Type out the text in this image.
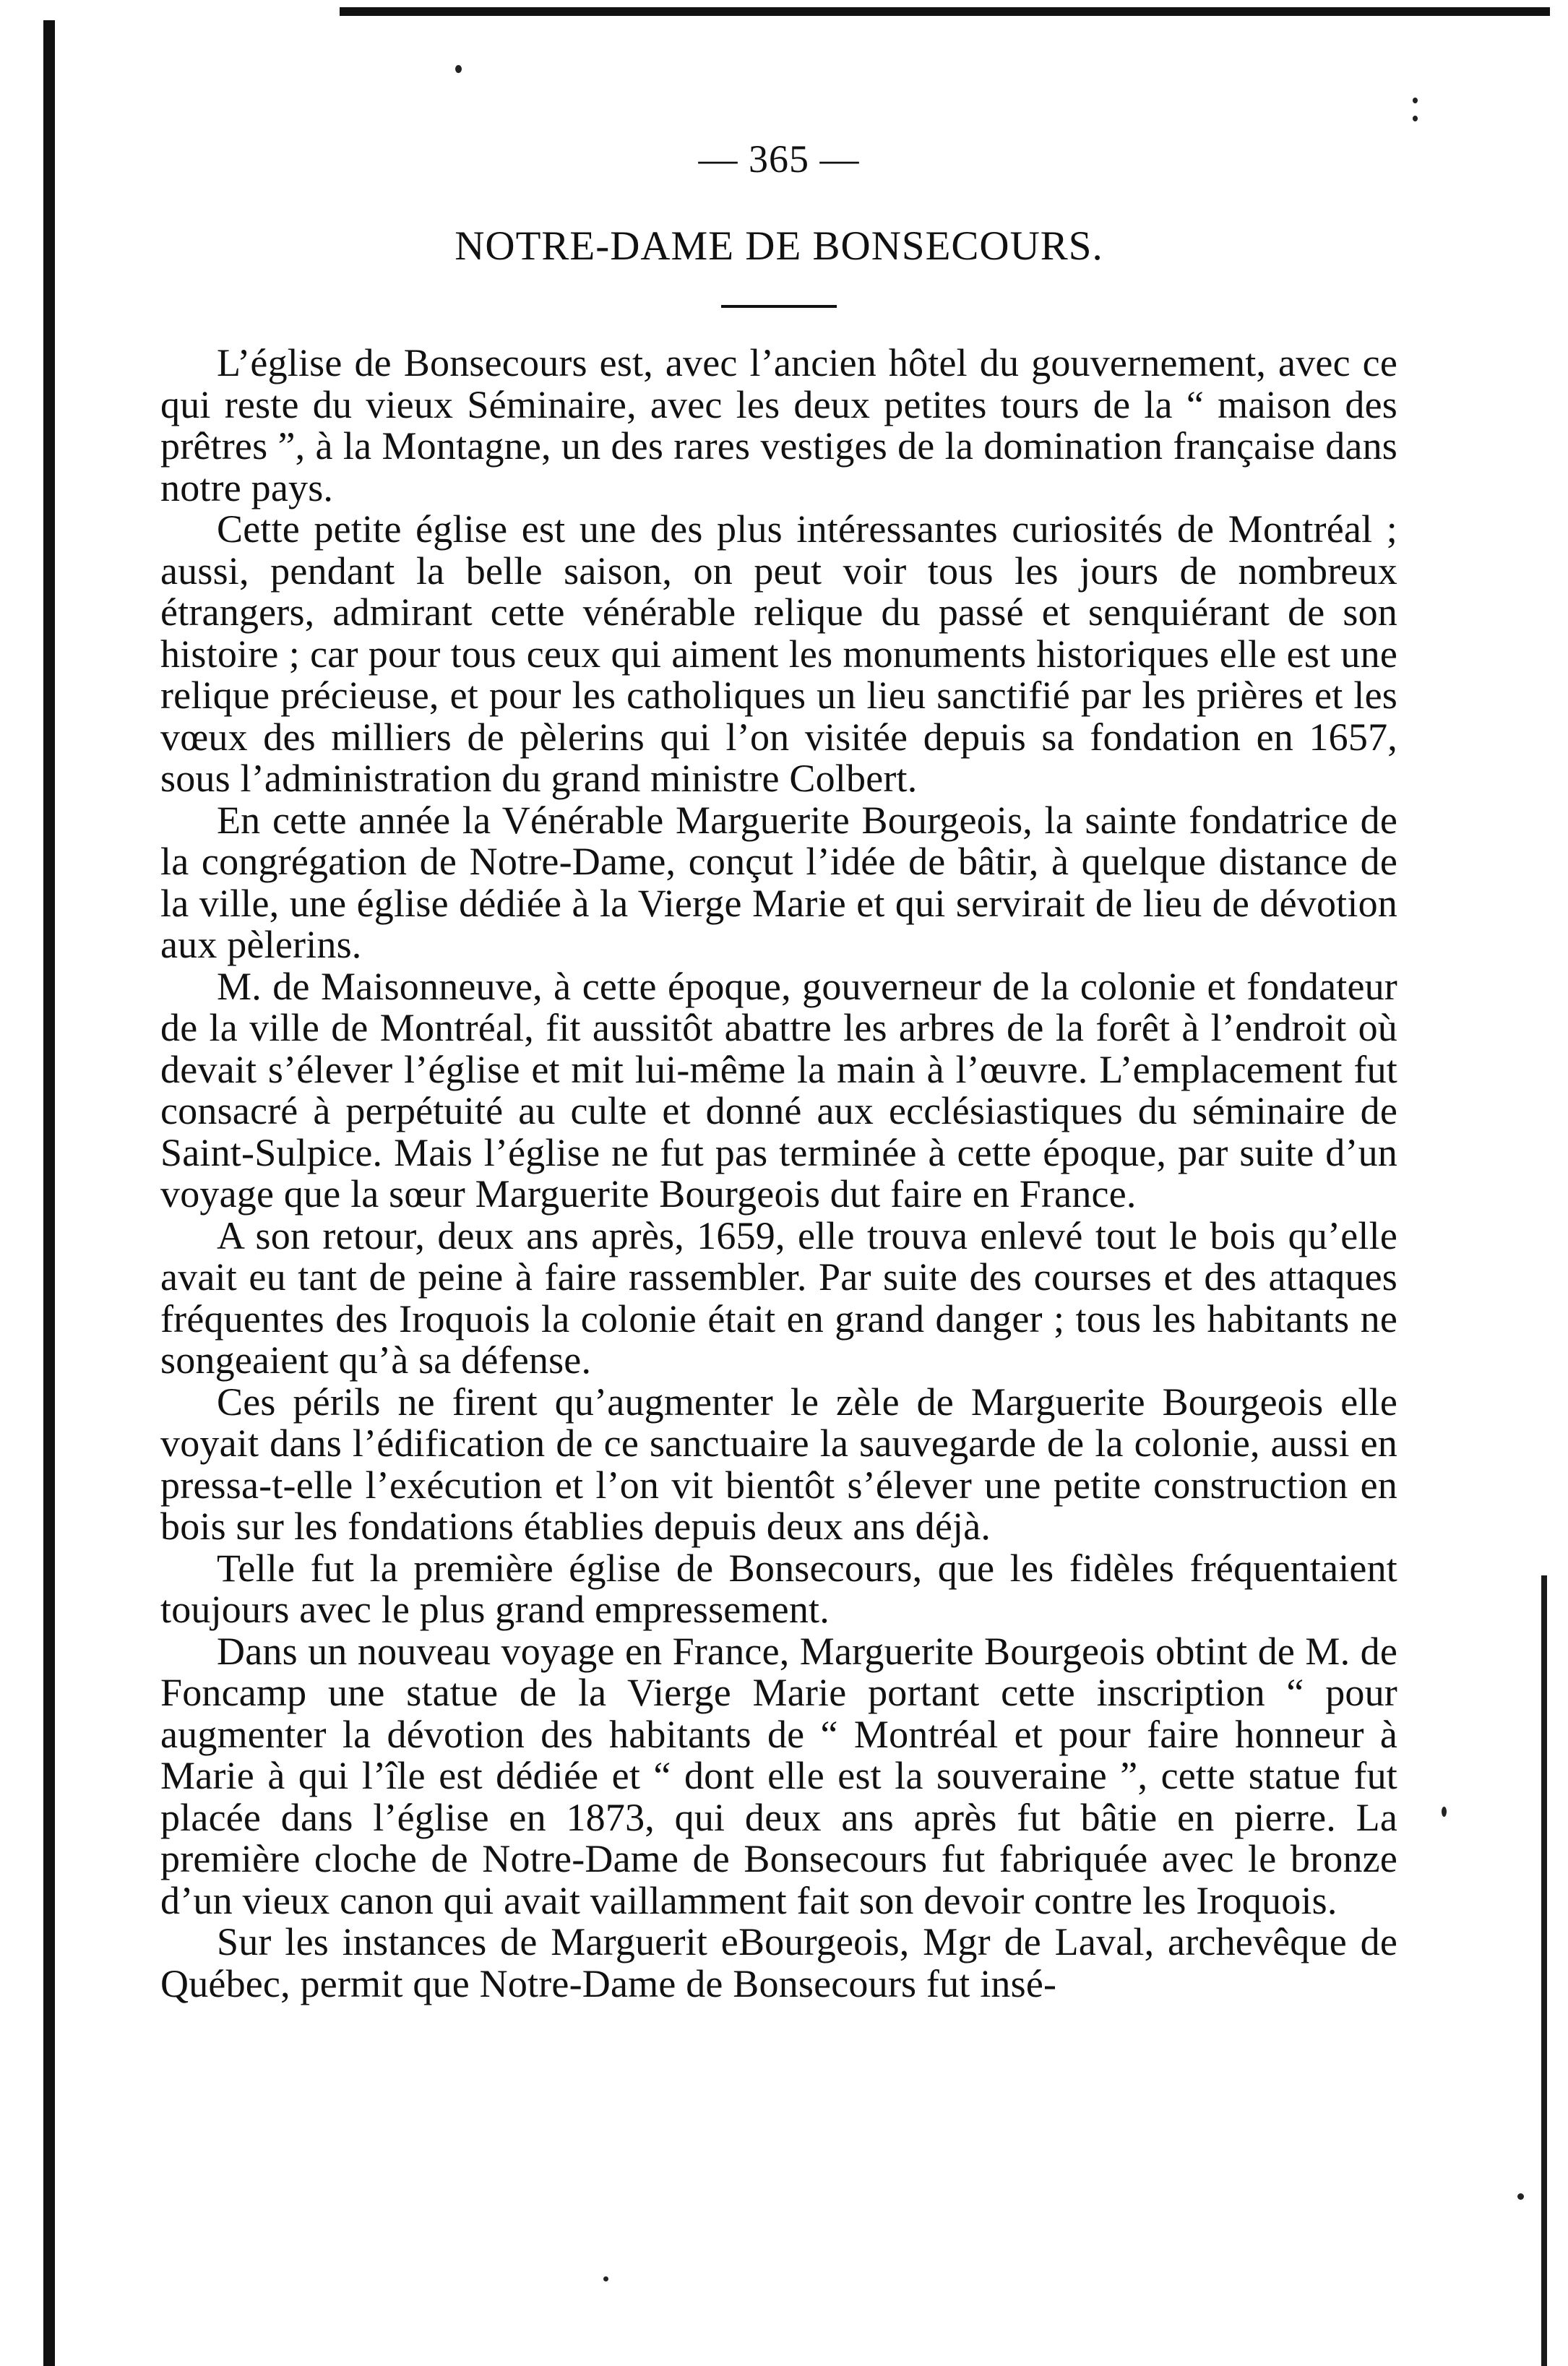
— 365 —
NOTRE-DAME DE BONSECOURS.

L’église de Bonsecours est, avec l’ancien hôtel du gouvernement, avec ce qui reste du vieux Séminaire, avec les deux petites tours de la “ maison des prêtres ”, à la Montagne, un des rares vestiges de la domination française dans notre pays.

Cette petite église est une des plus intéressantes curiosités de Montréal ; aussi, pendant la belle saison, on peut voir tous les jours de nombreux étrangers, admirant cette vénérable relique du passé et senquiérant de son histoire ; car pour tous ceux qui aiment les monuments historiques elle est une relique précieuse, et pour les catholiques un lieu sanctifié par les prières et les vœux des milliers de pèlerins qui l’on visitée depuis sa fondation en 1657, sous l’administration du grand ministre Colbert.

En cette année la Vénérable Marguerite Bourgeois, la sainte fondatrice de la congrégation de Notre-Dame, conçut l’idée de bâtir, à quelque distance de la ville, une église dédiée à la Vierge Marie et qui servirait de lieu de dévotion aux pèlerins.

M. de Maisonneuve, à cette époque, gouverneur de la colonie et fondateur de la ville de Montréal, fit aussitôt abattre les arbres de la forêt à l’endroit où devait s’élever l’église et mit lui-même la main à l’œuvre. L’emplacement fut consacré à perpétuité au culte et donné aux ecclésiastiques du séminaire de Saint-Sulpice. Mais l’église ne fut pas terminée à cette époque, par suite d’un voyage que la sœur Marguerite Bourgeois dut faire en France.

A son retour, deux ans après, 1659, elle trouva enlevé tout le bois qu’elle avait eu tant de peine à faire rassembler. Par suite des courses et des attaques fréquentes des Iroquois la colonie était en grand danger ; tous les habitants ne songeaient qu’à sa défense.

Ces périls ne firent qu’augmenter le zèle de Marguerite Bourgeois elle voyait dans l’édification de ce sanctuaire la sauvegarde de la colonie, aussi en pressa-t-elle l’exécution et l’on vit bientôt s’élever une petite construction en bois sur les fondations établies depuis deux ans déjà.

Telle fut la première église de Bonsecours, que les fidèles fréquentaient toujours avec le plus grand empressement.

Dans un nouveau voyage en France, Marguerite Bourgeois obtint de M. de Foncamp une statue de la Vierge Marie portant cette inscription “ pour augmenter la dévotion des habitants de “ Montréal et pour faire honneur à Marie à qui l’île est dédiée et “ dont elle est la souveraine ”, cette statue fut placée dans l’église en 1873, qui deux ans après fut bâtie en pierre. La première cloche de Notre-Dame de Bonsecours fut fabriquée avec le bronze d’un vieux canon qui avait vaillamment fait son devoir contre les Iroquois.

Sur les instances de Marguerit eBourgeois, Mgr de Laval, archevêque de Québec, permit que Notre-Dame de Bonsecours fut insé-
